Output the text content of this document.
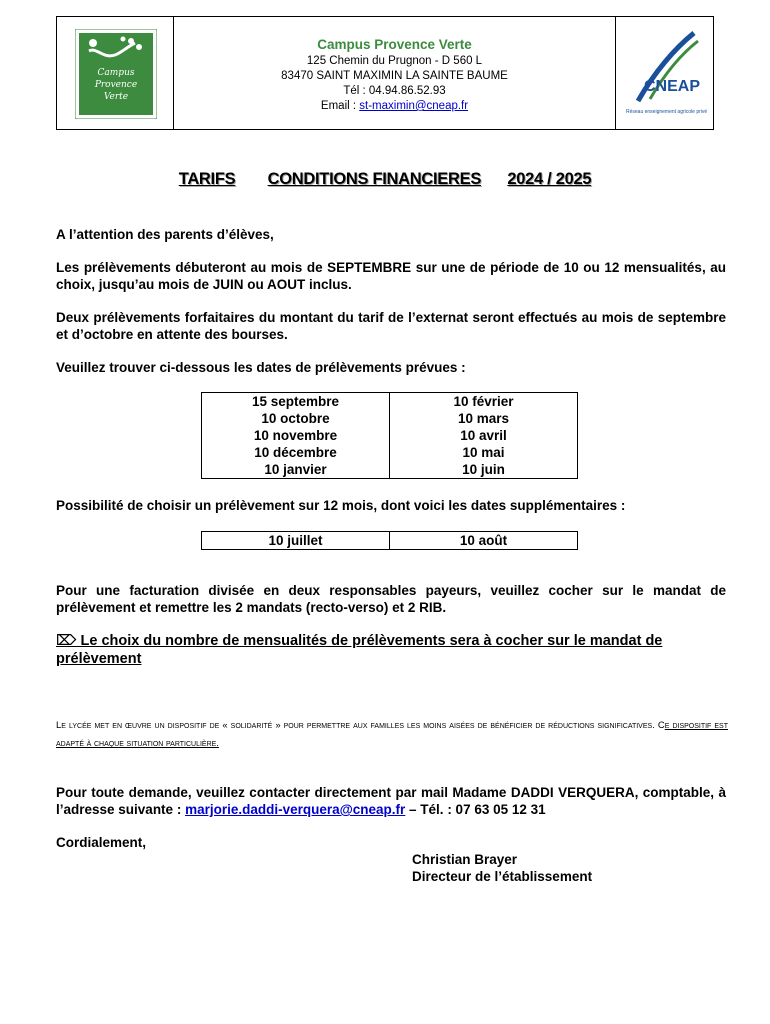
Campus
Provence
Verte
Campus Provence Verte
125 Chemin du Prugnon - D 560 L
83470 SAINT MAXIMIN LA SAINTE BAUME
Tél : 04.94.86.52.93
Email : st-maximin@cneap.fr
CNEAP
Réseau enseignement agricole privé
TARIFS CONDITIONS FINANCIERES 2024 / 2025
A l’attention des parents d’élèves,
Les prélèvements débuteront au mois de SEPTEMBRE sur une de période de 10 ou 12 mensualités, au choix, jusqu’au mois de JUIN ou AOUT inclus.
Deux prélèvements forfaitaires du montant du tarif de l’externat seront effectués au mois de septembre et d’octobre en attente des bourses.
Veuillez trouver ci-dessous les dates de prélèvements prévues :
15 septembre	10 février
10 octobre	10 mars
10 novembre	10 avril
10 décembre	10 mai
10 janvier	10 juin
Possibilité de choisir un prélèvement sur 12 mois, dont voici les dates supplémentaires :
10 juillet	10 août
Pour une facturation divisée en deux responsables payeurs, veuillez cocher sur le mandat de prélèvement et remettre les 2 mandats (recto-verso) et 2 RIB.
⌦ Le choix du nombre de mensualités de prélèvements sera à cocher sur le mandat de prélèvement
Le lycée met en œuvre un dispositif de « solidarité » pour permettre aux familles les moins aisées de bénéficier de réductions significatives. Ce dispositif est adapté à chaque situation particulière.
Pour toute demande, veuillez contacter directement par mail Madame DADDI VERQUERA, comptable, à l’adresse suivante : marjorie.daddi-verquera@cneap.fr – Tél. : 07 63 05 12 31
Cordialement,
Christian Brayer
Directeur de l’établissement
